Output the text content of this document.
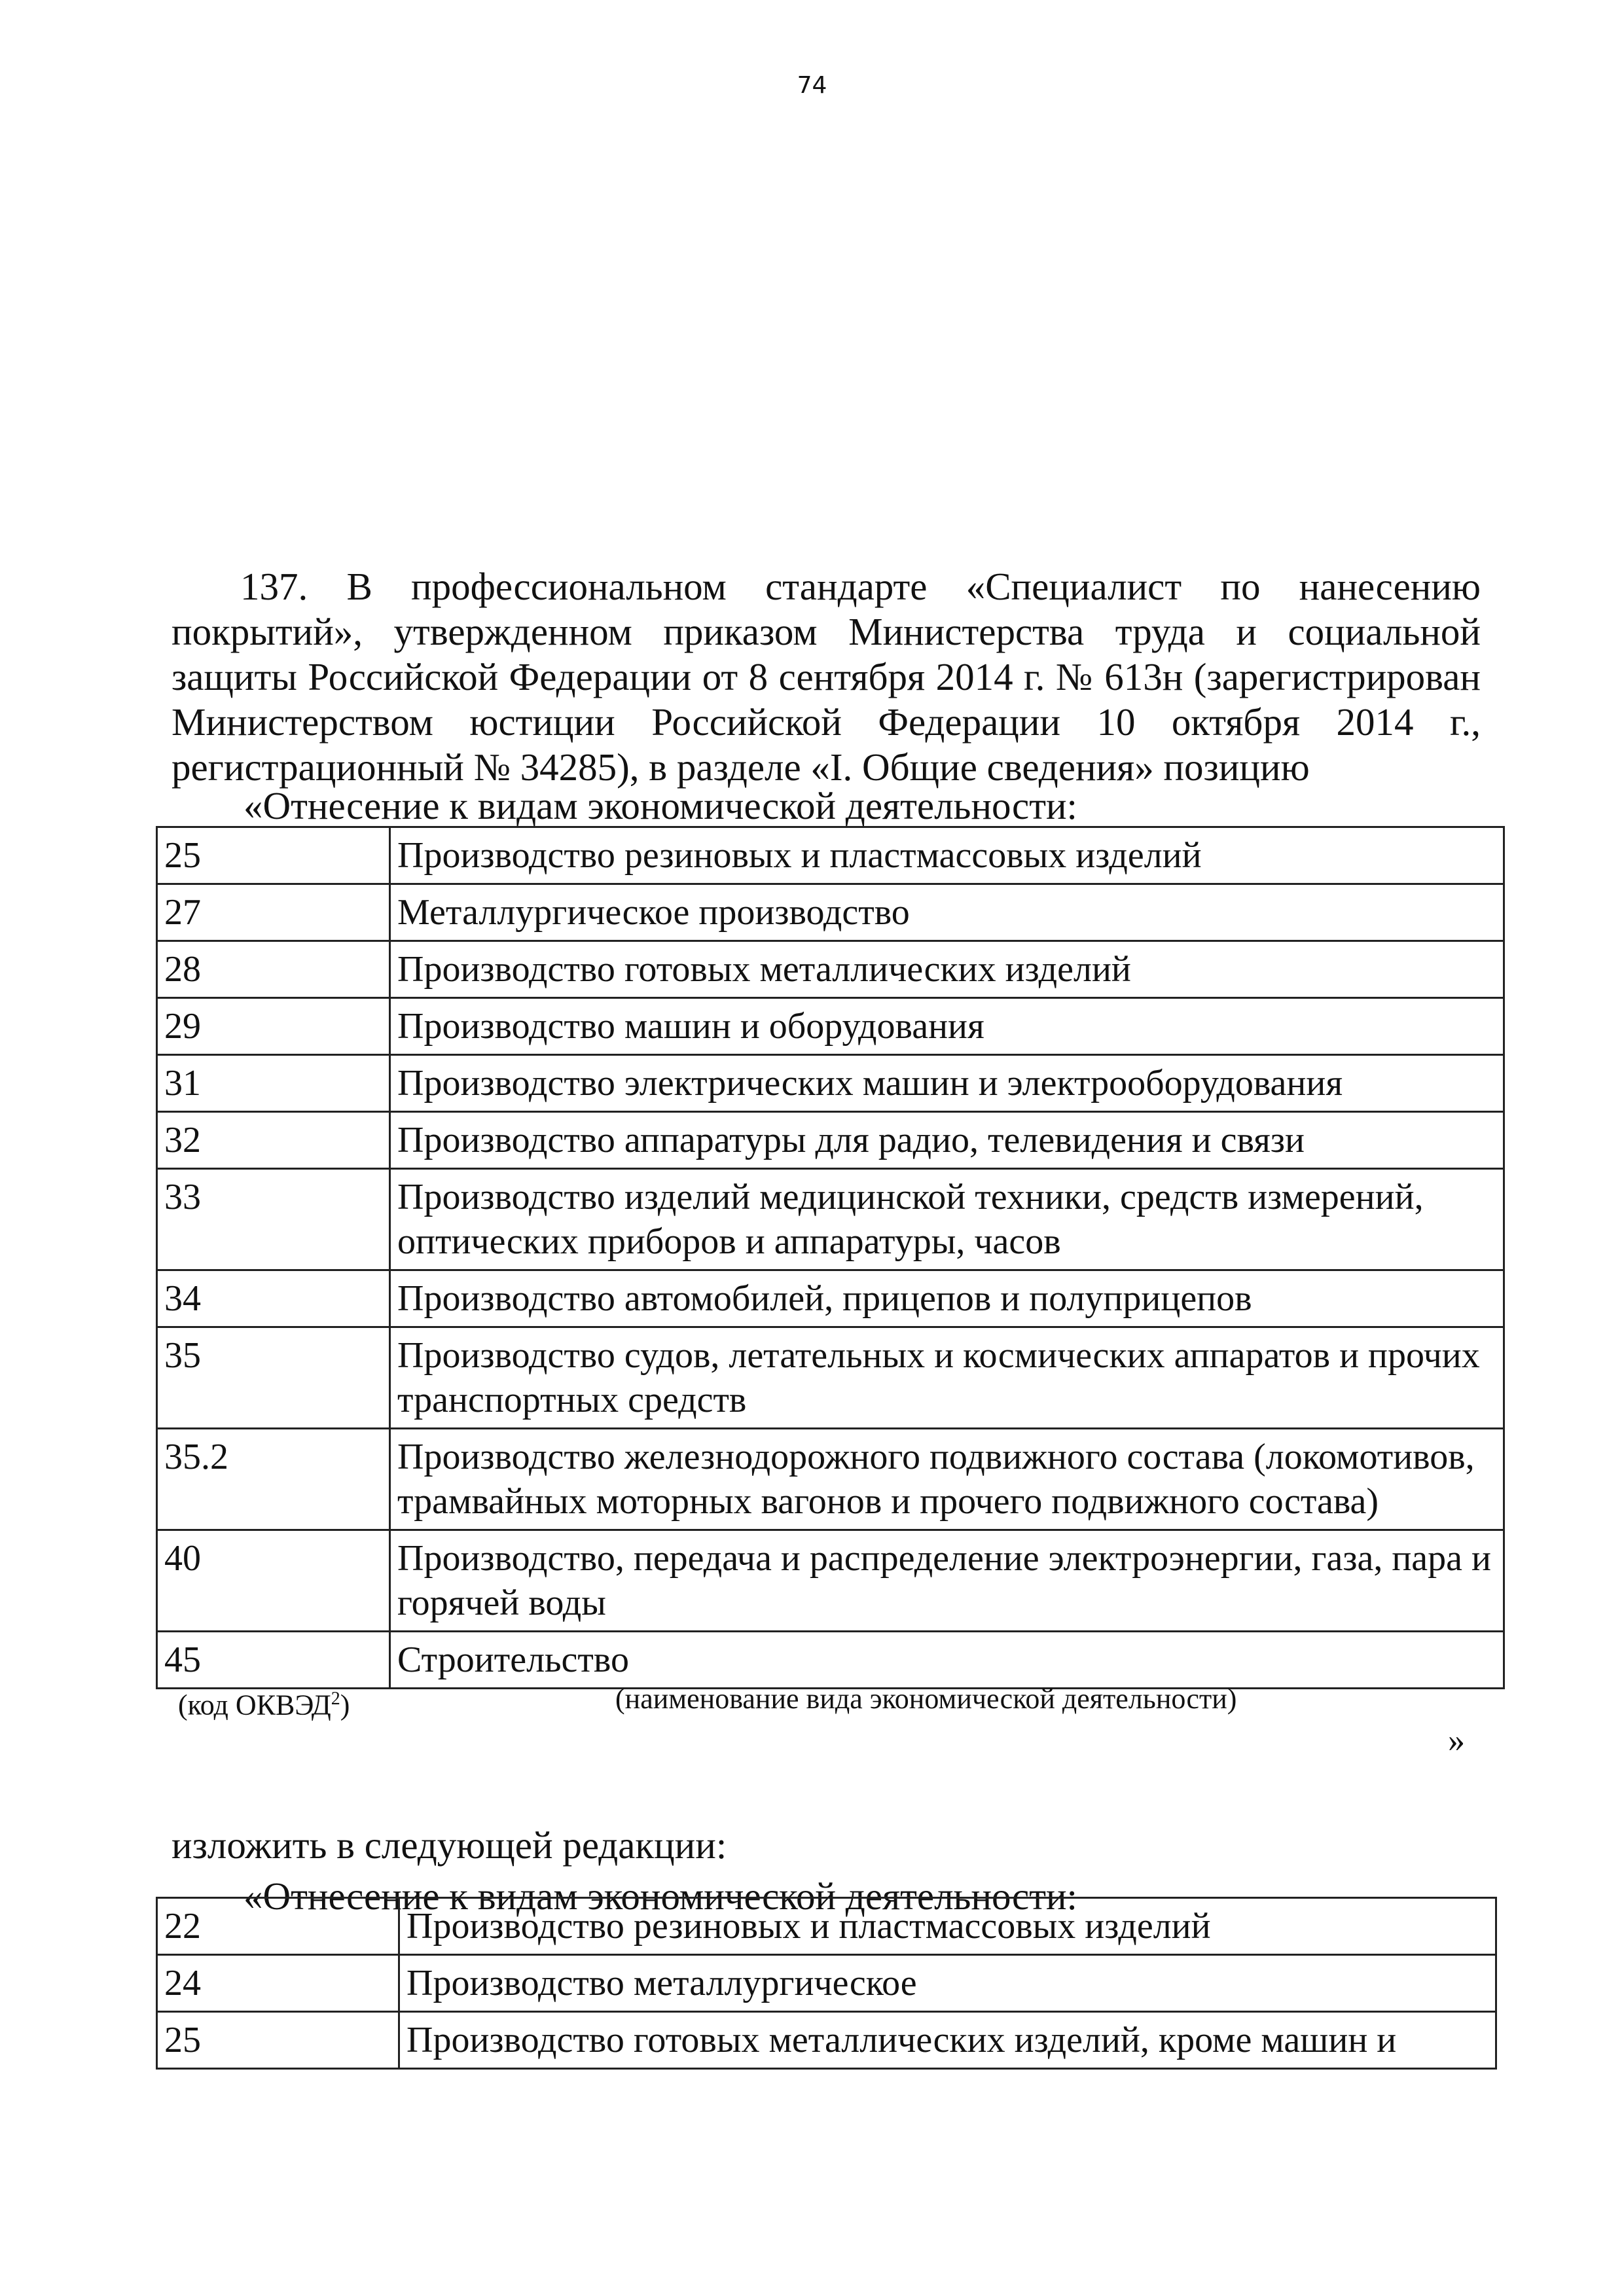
74

137. В профессиональном стандарте «Специалист по нанесению покрытий», утвержденном приказом Министерства труда и социальной защиты Российской Федерации от 8 сентября 2014 г. № 613н (зарегистрирован Министерством юстиции Российской Федерации 10 октября 2014 г., регистрационный № 34285), в разделе «I. Общие сведения» позицию

«Отнесение к видам экономической деятельности:
25	Производство резиновых и пластмассовых изделий
27	Металлургическое производство
28	Производство готовых металлических изделий
29	Производство машин и оборудования
31	Производство электрических машин и электрооборудования
32	Производство аппаратуры для радио, телевидения и связи
33	Производство изделий медицинской техники, средств измерений, оптических приборов и аппаратуры, часов
34	Производство автомобилей, прицепов и полуприцепов
35	Производство судов, летательных и космических аппаратов и прочих транспортных средств
35.2	Производство железнодорожного подвижного состава (локомотивов, трамвайных моторных вагонов и прочего подвижного состава)
40	Производство, передача и распределение электроэнергии, газа, пара и горячей воды
45	Строительство
(код ОКВЭД$^2$)	(наименование вида экономической деятельности)
»
изложить в следующей редакции:
«Отнесение к видам экономической деятельности:
22	Производство резиновых и пластмассовых изделий
24	Производство металлургическое
25	Производство готовых металлических изделий, кроме машин и
